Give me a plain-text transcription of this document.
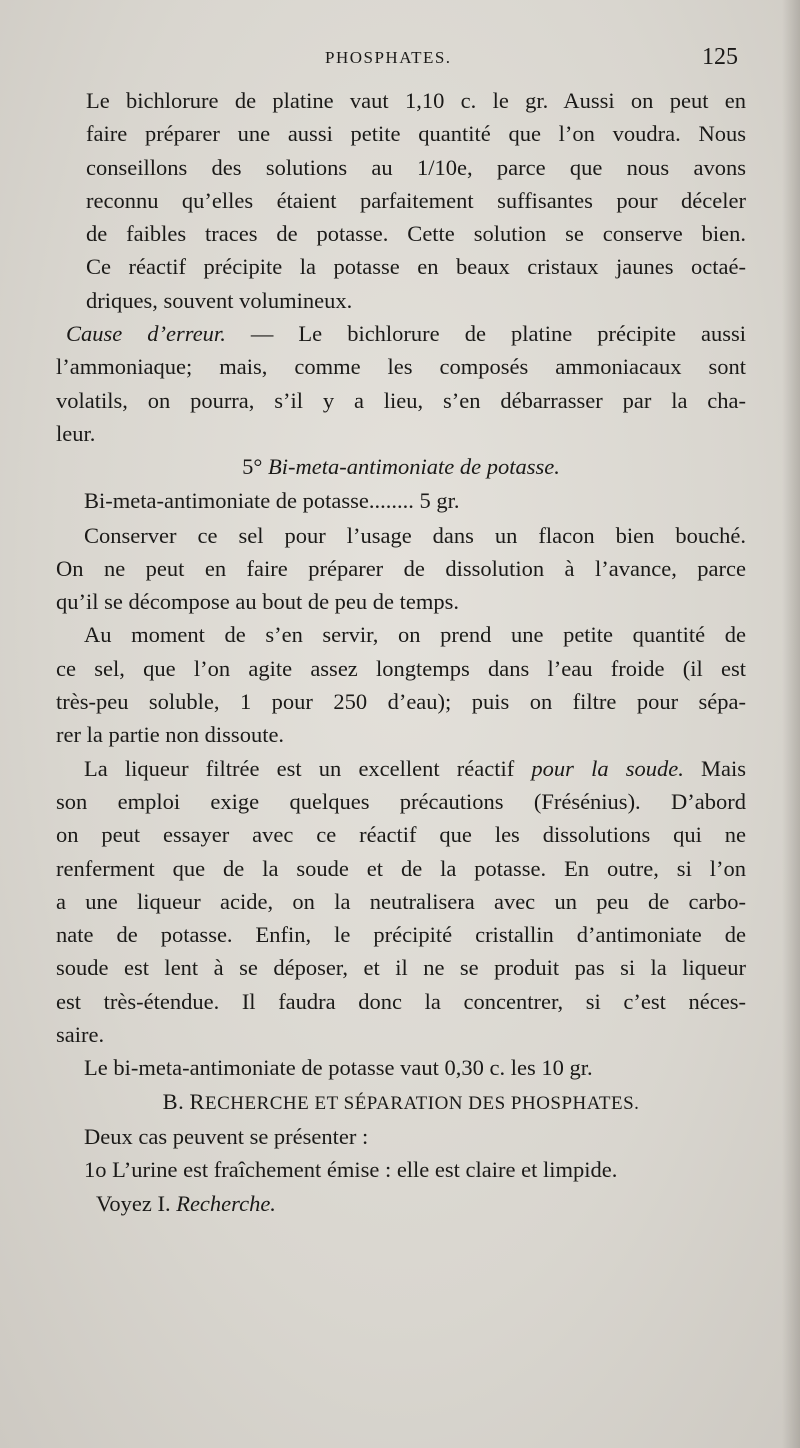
PHOSPHATES.	125

Le bichlorure de platine vaut 1,10 c. le gr. Aussi on peut en
faire préparer une aussi petite quantité que l’on voudra. Nous
conseillons des solutions au 1/10e, parce que nous avons
reconnu qu’elles étaient parfaitement suffisantes pour déceler
de faibles traces de potasse. Cette solution se conserve bien.
Ce réactif précipite la potasse en beaux cristaux jaunes octaé-
driques, souvent volumineux.

Cause d’erreur. — Le bichlorure de platine précipite aussi
l’ammoniaque; mais, comme les composés ammoniacaux sont
volatils, on pourra, s’il y a lieu, s’en débarrasser par la cha-
leur.

5° Bi-meta-antimoniate de potasse.

Bi-meta-antimoniate de potasse........ 5 gr.

Conserver ce sel pour l’usage dans un flacon bien bouché.
On ne peut en faire préparer de dissolution à l’avance, parce
qu’il se décompose au bout de peu de temps.

Au moment de s’en servir, on prend une petite quantité de
ce sel, que l’on agite assez longtemps dans l’eau froide (il est
très-peu soluble, 1 pour 250 d’eau); puis on filtre pour sépa-
rer la partie non dissoute.

La liqueur filtrée est un excellent réactif pour la soude. Mais
son emploi exige quelques précautions (Frésénius). D’abord
on peut essayer avec ce réactif que les dissolutions qui ne
renferment que de la soude et de la potasse. En outre, si l’on
a une liqueur acide, on la neutralisera avec un peu de carbo-
nate de potasse. Enfin, le précipité cristallin d’antimoniate de
soude est lent à se déposer, et il ne se produit pas si la liqueur
est très-étendue. Il faudra donc la concentrer, si c’est néces-
saire.

Le bi-meta-antimoniate de potasse vaut 0,30 c. les 10 gr.

B. RECHERCHE ET SÉPARATION DES PHOSPHATES.

Deux cas peuvent se présenter :

1o L’urine est fraîchement émise : elle est claire et limpide.

Voyez I. Recherche.
